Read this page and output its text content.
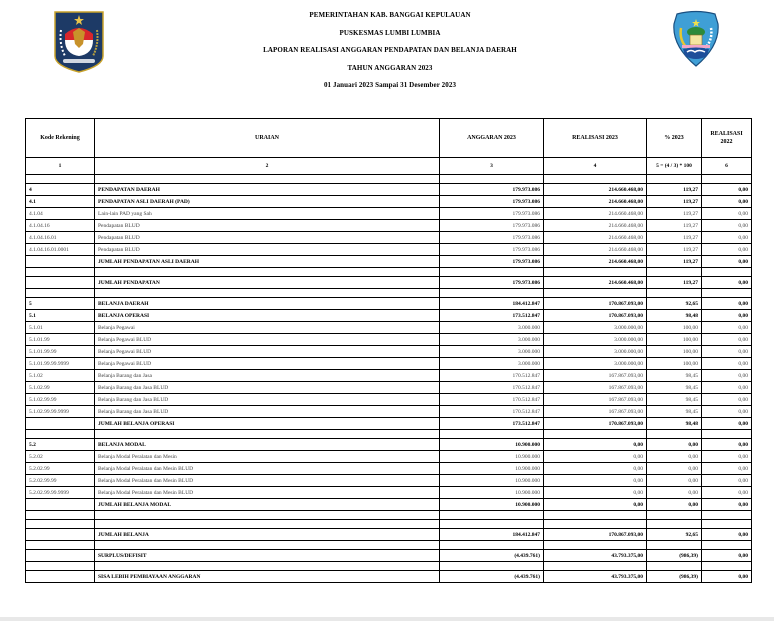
PEMERINTAHAN KAB. BANGGAI KEPULAUAN
PUSKESMAS LUMBI LUMBIA
LAPORAN REALISASI ANGGARAN PENDAPATAN DAN BELANJA DAERAH
TAHUN ANGGARAN 2023
01 Januari 2023 Sampai 31 Desember 2023
Kode Rekening	URAIAN	ANGGARAN 2023	REALISASI 2023	% 2023	REALISASI 2022
1	2	3	4	5 = (4 / 3) * 100	6

4	PENDAPATAN DAERAH	179.973.086	214.660.468,00	119,27	0,00
4.1	PENDAPATAN ASLI DAERAH (PAD)	179.973.086	214.660.468,00	119,27	0,00
4.1.04	Lain-lain PAD yang Sah	179.973.086	214.660.468,00	119,27	0,00
4.1.04.16	Pendapatan BLUD	179.973.086	214.660.468,00	119,27	0,00
4.1.04.16.01	Pendapatan BLUD	179.973.086	214.660.468,00	119,27	0,00
4.1.04.16.01.0001	Pendapatan BLUD	179.973.086	214.660.468,00	119,27	0,00
	JUMLAH PENDAPATAN ASLI DAERAH	179.973.086	214.660.468,00	119,27	0,00

	JUMLAH PENDAPATAN	179.973.086	214.660.468,00	119,27	0,00

5	BELANJA DAERAH	184.412.847	170.867.093,00	92,65	0,00
5.1	BELANJA OPERASI	173.512.847	170.867.093,00	98,48	0,00
5.1.01	Belanja Pegawai	3.000.000	3.000.000,00	100,00	0,00
5.1.01.99	Belanja Pegawai BLUD	3.000.000	3.000.000,00	100,00	0,00
5.1.01.99.99	Belanja Pegawai BLUD	3.000.000	3.000.000,00	100,00	0,00
5.1.01.99.99.9999	Belanja Pegawai BLUD	3.000.000	3.000.000,00	100,00	0,00
5.1.02	Belanja Barang dan Jasa	170.512.847	167.867.093,00	98,45	0,00
5.1.02.99	Belanja Barang dan Jasa BLUD	170.512.847	167.867.093,00	98,45	0,00
5.1.02.99.99	Belanja Barang dan Jasa BLUD	170.512.847	167.867.093,00	98,45	0,00
5.1.02.99.99.9999	Belanja Barang dan Jasa BLUD	170.512.847	167.867.093,00	98,45	0,00
	JUMLAH BELANJA OPERASI	173.512.847	170.867.093,00	98,48	0,00

5.2	BELANJA MODAL	10.900.000	0,00	0,00	0,00
5.2.02	Belanja Modal Peralatan dan Mesin	10.900.000	0,00	0,00	0,00
5.2.02.99	Belanja Modal Peralatan dan Mesin BLUD	10.900.000	0,00	0,00	0,00
5.2.02.99.99	Belanja Modal Peralatan dan Mesin BLUD	10.900.000	0,00	0,00	0,00
5.2.02.99.99.9999	Belanja Modal Peralatan dan Mesin BLUD	10.900.000	0,00	0,00	0,00
	JUMLAH BELANJA MODAL	10.900.000	0,00	0,00	0,00

	JUMLAH BELANJA	184.412.847	170.867.093,00	92,65	0,00

	SURPLUS/DEFISIT	(4.439.761)	43.793.375,00	(986,39)	0,00

	SISA LEBIH PEMBIAYAAN ANGGARAN	(4.439.761)	43.793.375,00	(986,39)	0,00
